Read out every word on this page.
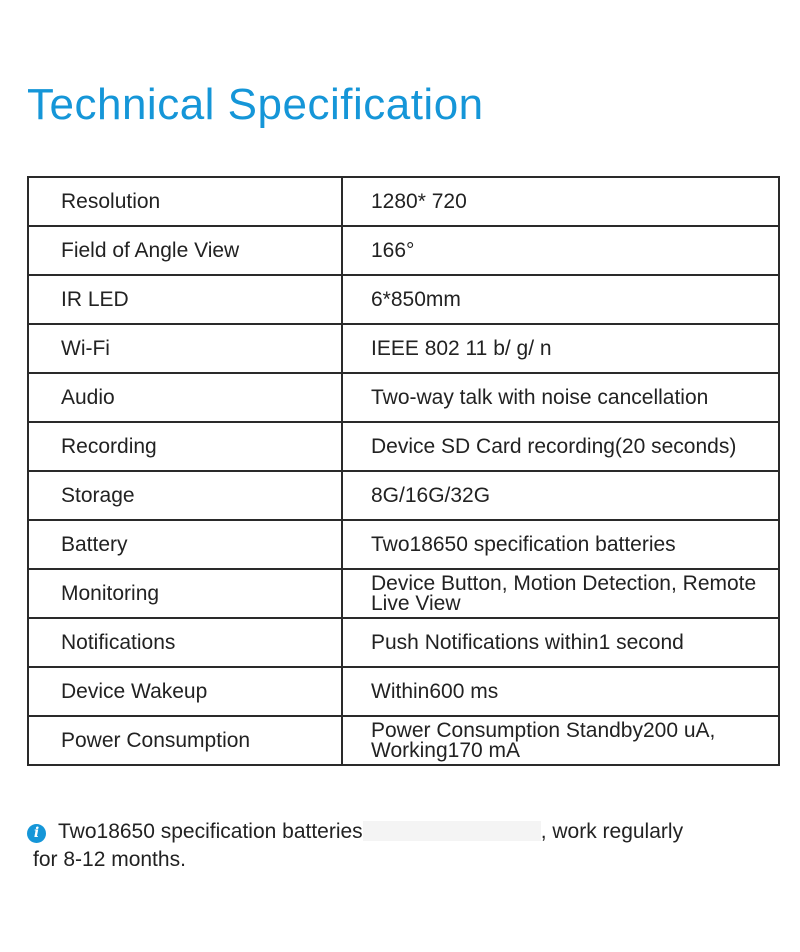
Technical Specification
Resolution	1280* 720
Field of Angle View	166°
IR LED	6*850mm
Wi-Fi	IEEE 802 11 b/ g/ n
Audio	Two-way talk with noise cancellation
Recording	Device SD Card recording(20 seconds)
Storage	8G/16G/32G
Battery	Two18650 specification batteries
Monitoring	Device Button, Motion Detection, Remote Live View
Notifications	Push Notifications within1 second
Device Wakeup	Within600 ms
Power Consumption	Power Consumption Standby200 uA, Working170 mA
i Two18650 specification batteries	, work regularly
for 8-12 months.
